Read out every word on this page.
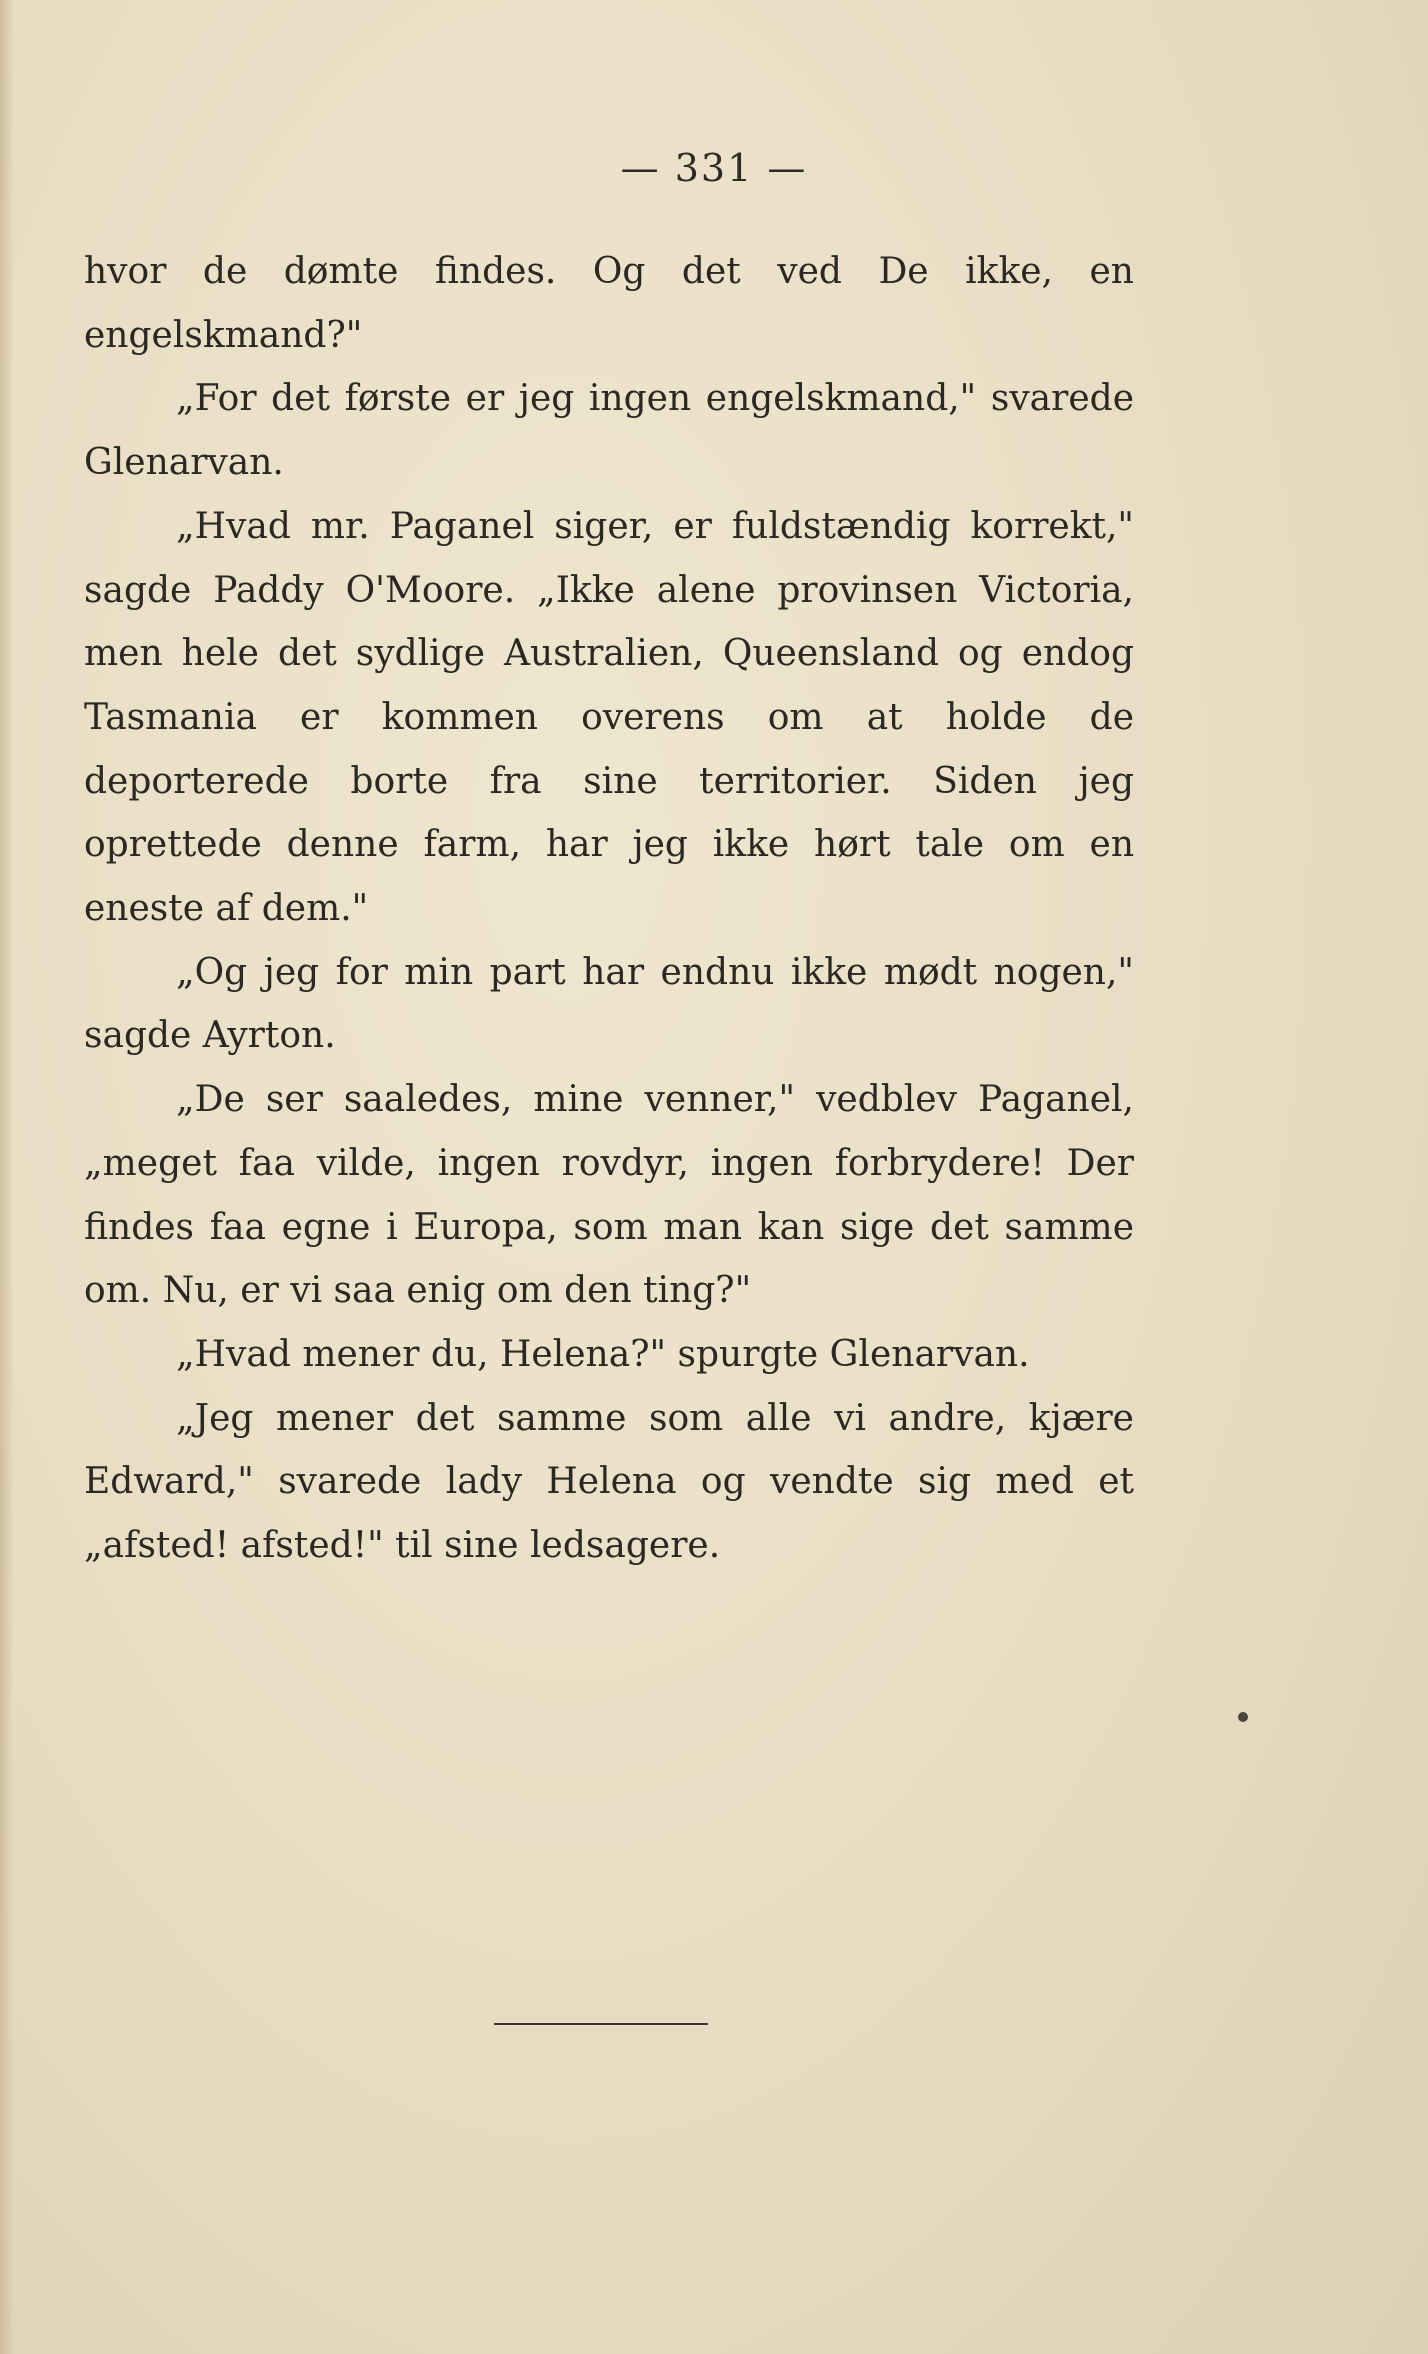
— 331 —

hvor de dømte findes. Og det ved De ikke, en engelskmand?"

„For det første er jeg ingen engelskmand," svarede Glenarvan.

„Hvad mr. Paganel siger, er fuldstændig korrekt," sagde Paddy O'Moore. „Ikke alene provinsen Victoria, men hele det sydlige Australien, Queensland og endog Tasmania er kommen overens om at holde de deporterede borte fra sine territorier. Siden jeg oprettede denne farm, har jeg ikke hørt tale om en eneste af dem."

„Og jeg for min part har endnu ikke mødt nogen," sagde Ayrton.

„De ser saaledes, mine venner," vedblev Paganel, „meget faa vilde, ingen rovdyr, ingen forbrydere! Der findes faa egne i Europa, som man kan sige det samme om. Nu, er vi saa enig om den ting?"

„Hvad mener du, Helena?" spurgte Glenarvan.

„Jeg mener det samme som alle vi andre, kjære Edward," svarede lady Helena og vendte sig med et „afsted! afsted!" til sine ledsagere.
